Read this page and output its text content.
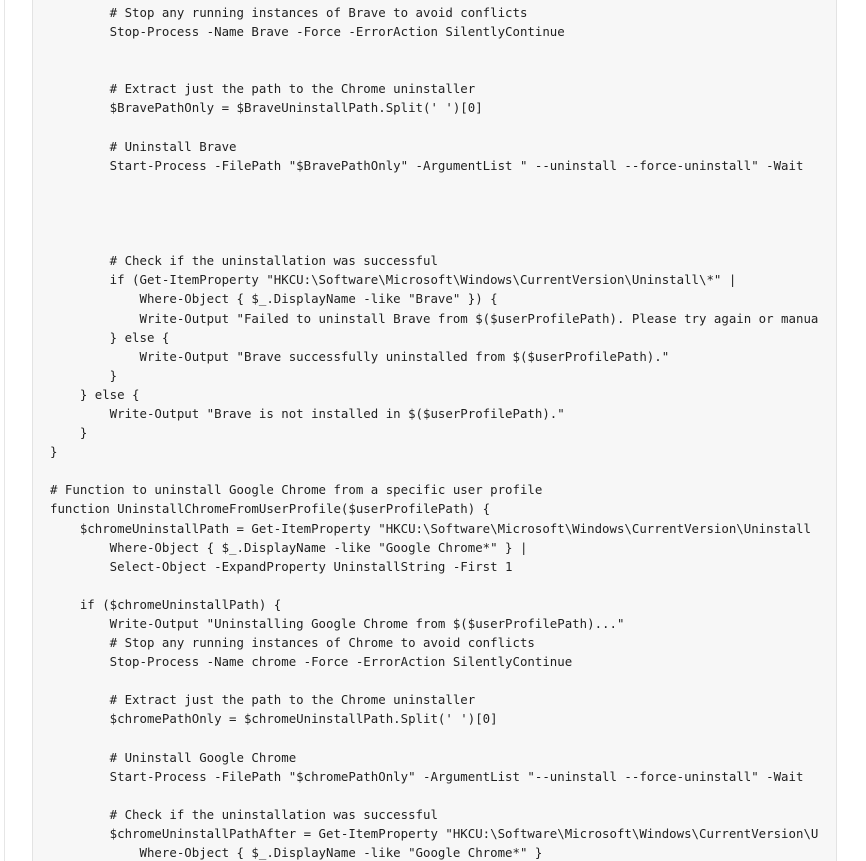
# Stop any running instances of Brave to avoid conflicts
Stop-Process -Name Brave -Force -ErrorAction SilentlyContinue
# Extract just the path to the Chrome uninstaller
$BravePathOnly = $BraveUninstallPath.Split(' ')[0]
# Uninstall Brave
Start-Process -FilePath "$BravePathOnly" -ArgumentList " --uninstall --force-uninstall" -Wait
# Check if the uninstallation was successful
if (Get-ItemProperty "HKCU:\Software\Microsoft\Windows\CurrentVersion\Uninstall\*" |
Where-Object { $_.DisplayName -like "Brave" }) {
Write-Output "Failed to uninstall Brave from $($userProfilePath). Please try again or manua
} else {
Write-Output "Brave successfully uninstalled from $($userProfilePath)."
}
} else {
Write-Output "Brave is not installed in $($userProfilePath)."
}
}
# Function to uninstall Google Chrome from a specific user profile
function UninstallChromeFromUserProfile($userProfilePath) {
$chromeUninstallPath = Get-ItemProperty "HKCU:\Software\Microsoft\Windows\CurrentVersion\Uninstall
Where-Object { $_.DisplayName -like "Google Chrome*" } |
Select-Object -ExpandProperty UninstallString -First 1
if ($chromeUninstallPath) {
Write-Output "Uninstalling Google Chrome from $($userProfilePath)..."
# Stop any running instances of Chrome to avoid conflicts
Stop-Process -Name chrome -Force -ErrorAction SilentlyContinue
# Extract just the path to the Chrome uninstaller
$chromePathOnly = $chromeUninstallPath.Split(' ')[0]
# Uninstall Google Chrome
Start-Process -FilePath "$chromePathOnly" -ArgumentList "--uninstall --force-uninstall" -Wait
# Check if the uninstallation was successful
$chromeUninstallPathAfter = Get-ItemProperty "HKCU:\Software\Microsoft\Windows\CurrentVersion\U
Where-Object { $_.DisplayName -like "Google Chrome*" }
